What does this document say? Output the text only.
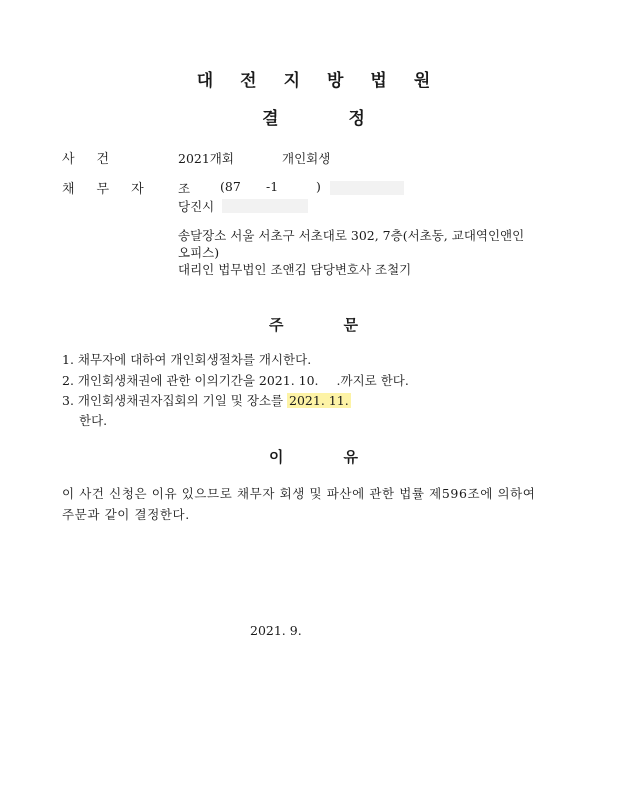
대전지방법원
결정
사건	2021개회	개인회생
채무자 조 (87 -1	)
당진시
송달장소 서울 서초구 서초대로 302, 7층(서초동, 교대역인앤인
오피스)
대리인 법무법인 조앤김 담당변호사 조철기
주문
1. 채무자에 대하여 개인회생절차를 개시한다.
2. 개인회생채권에 관한 이의기간을 2021. 10. .까지로 한다.
3. 개인회생채권자집회의 기일 및 장소를 2021. 11.
한다.
이유
이 사건 신청은 이유 있으므로 채무자 회생 및 파산에 관한 법률 제596조에 의하여
주문과 같이 결정한다.
2021. 9.
